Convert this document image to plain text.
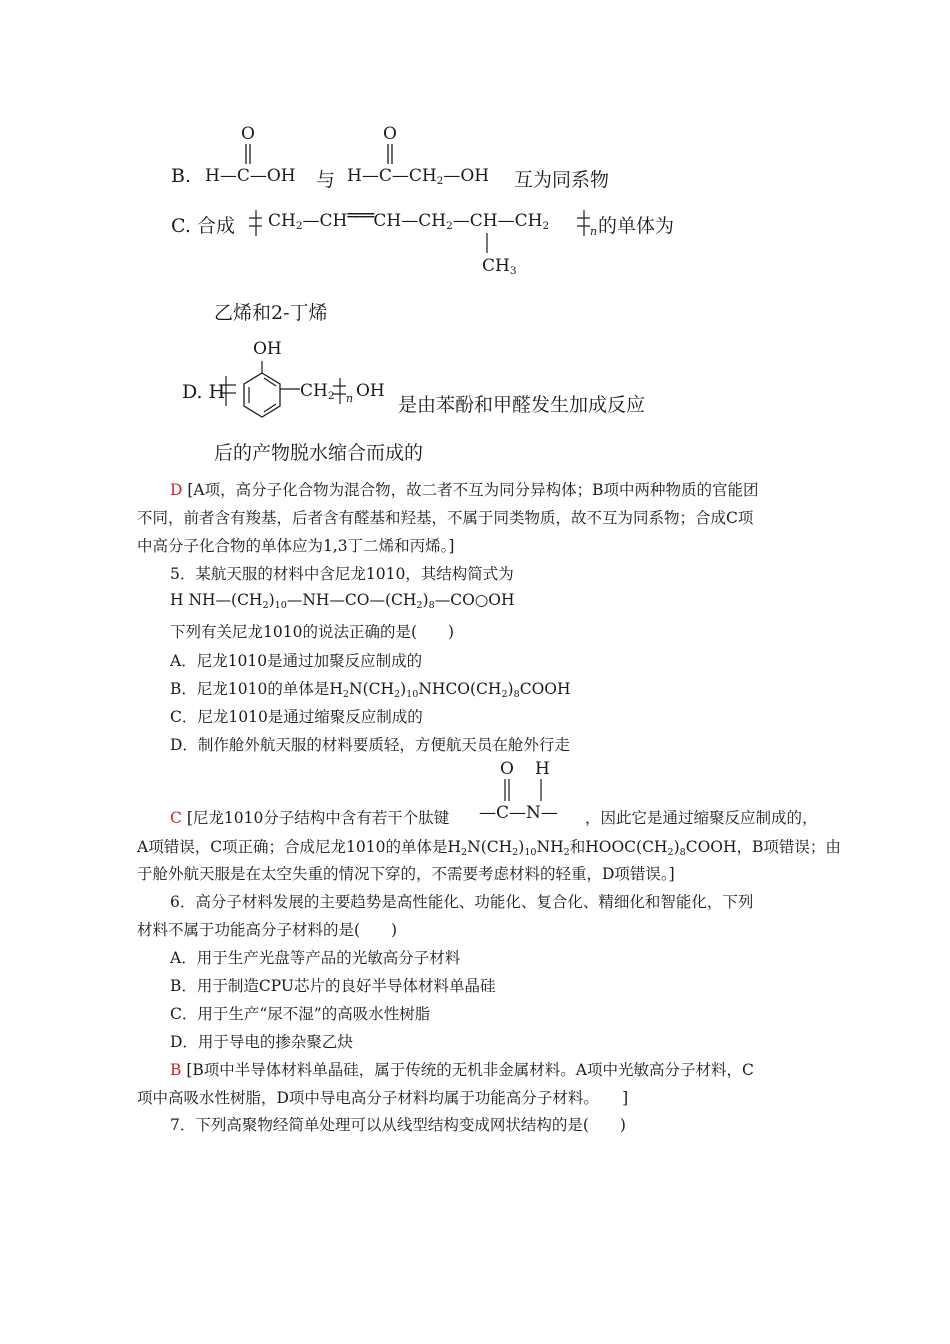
B.
O
H—C—OH 与
O
$H—C—CH_2—OH$ 互为同系物
C. 合成 $CH_2—CH═══CH—CH_2—CH—CH_2$	n 的单体为
$CH_3$
乙烯和2-丁烯
OH
D. H	$CH_2$ n OH
是由苯酚和甲醛发生加成反应
后的产物脱水缩合而成的
D [A项，高分子化合物为混合物，故二者不互为同分异构体；B项中两种物质的官能团
不同，前者含有羧基，后者含有醛基和羟基，不属于同类物质，故不互为同系物；合成C项
中高分子化合物的单体应为1,3丁二烯和丙烯。]
5．某航天服的材料中含尼龙1010，其结构简式为
H $NH—(CH_2)_{10}—NH—CO—(CH_2)_8—CO○OH$
下列有关尼龙1010的说法正确的是(　　)
A．尼龙1010是通过加聚反应制成的
B．尼龙1010的单体是$H_2N(CH_2)_{10}NHCO(CH_2)_8COOH$
C．尼龙1010是通过缩聚反应制成的
D．制作舱外航天服的材料要质轻，方便航天员在舱外行走
O H
C [尼龙1010分子结构中含有若干个肽键 —C—N— ，因此它是通过缩聚反应制成的，
A项错误，C项正确；合成尼龙1010的单体是$H_2N(CH_2)_{10}NH_2$和$HOOC(CH_2)_8COOH$，B项错误；由
于舱外航天服是在太空失重的情况下穿的，不需要考虑材料的轻重，D项错误。]
6．高分子材料发展的主要趋势是高性能化、功能化、复合化、精细化和智能化，下列
材料不属于功能高分子材料的是(　　)
A．用于生产光盘等产品的光敏高分子材料
B．用于制造CPU芯片的良好半导体材料单晶硅
C．用于生产“尿不湿”的高吸水性树脂
D．用于导电的掺杂聚乙炔
B [B项中半导体材料单晶硅，属于传统的无机非金属材料。A项中光敏高分子材料，C
项中高吸水性树脂，D项中导电高分子材料均属于功能高分子材料。　　]
7．下列高聚物经简单处理可以从线型结构变成网状结构的是(　　)
